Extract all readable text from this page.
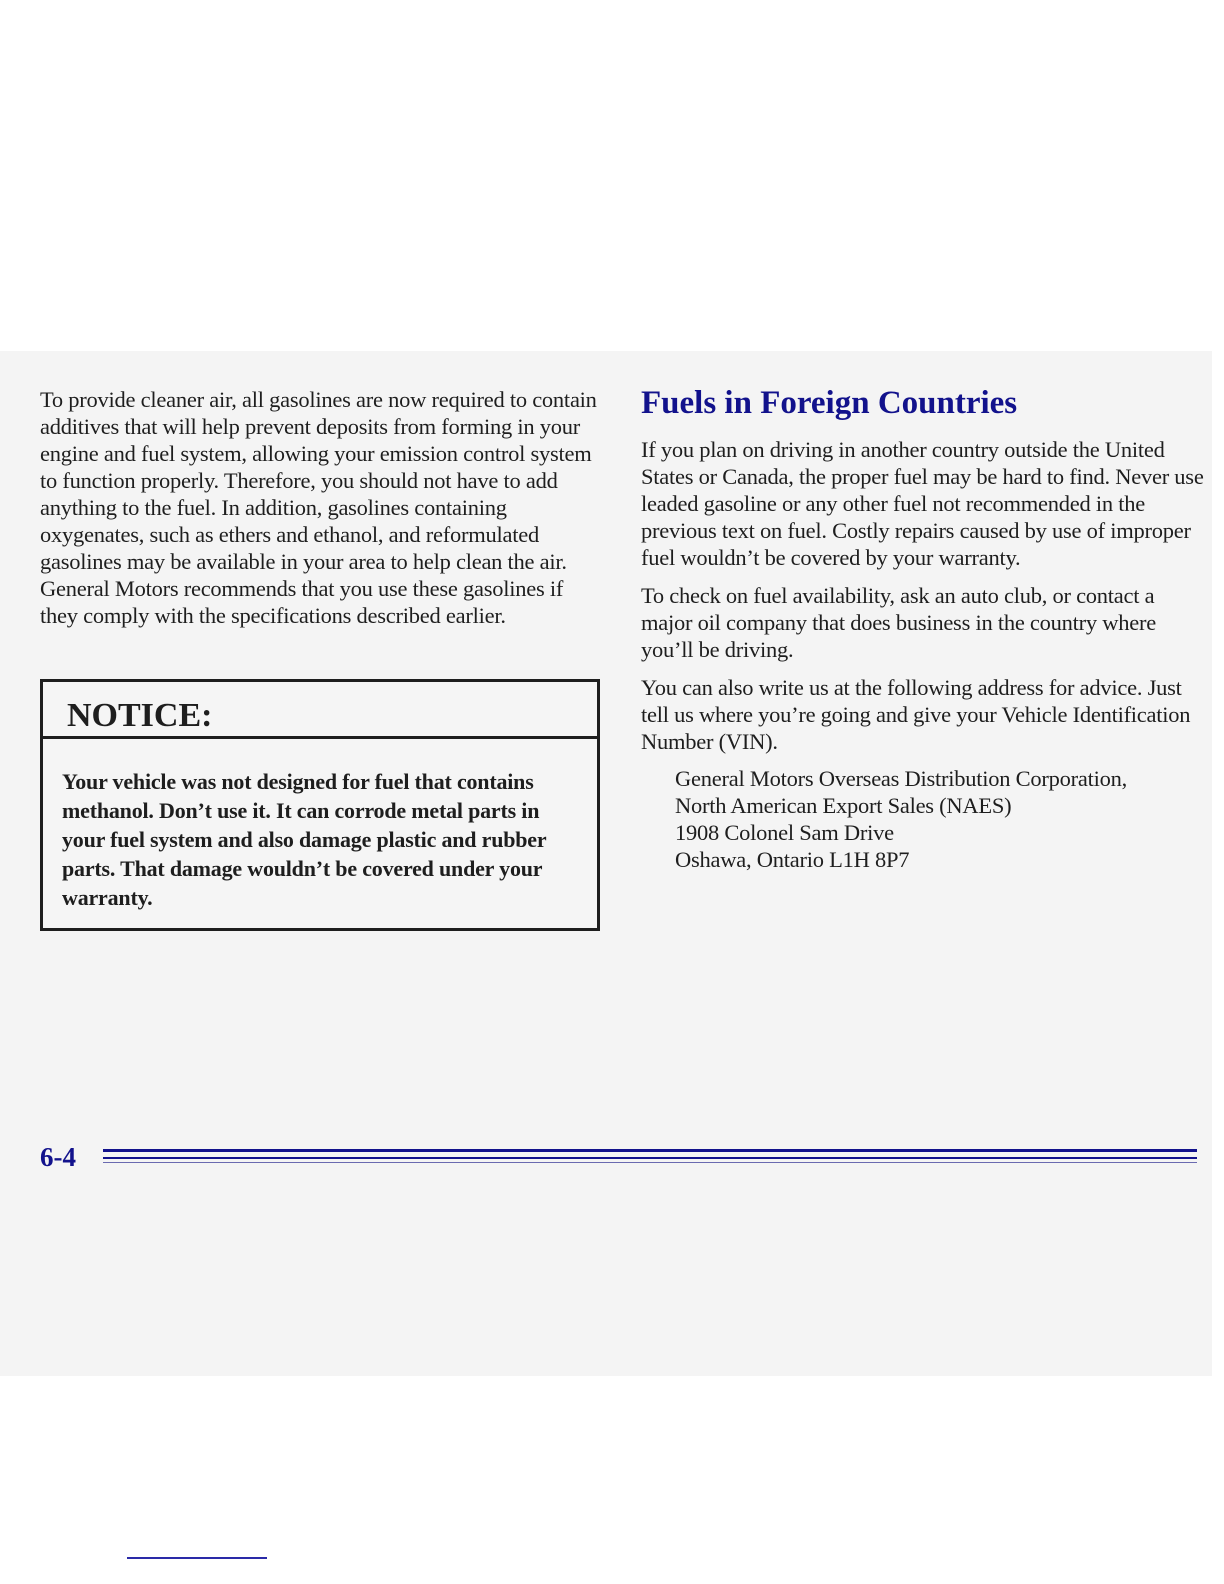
To provide cleaner air, all gasolines are now required to contain additives that will help prevent deposits from forming in your engine and fuel system, allowing your emission control system to function properly. Therefore, you should not have to add anything to the fuel. In addition, gasolines containing oxygenates, such as ethers and ethanol, and reformulated gasolines may be available in your area to help clean the air. General Motors recommends that you use these gasolines if they comply with the specifications described earlier.

NOTICE:

Your vehicle was not designed for fuel that contains methanol. Don’t use it. It can corrode metal parts in your fuel system and also damage plastic and rubber parts. That damage wouldn’t be covered under your warranty.

Fuels in Foreign Countries

If you plan on driving in another country outside the United States or Canada, the proper fuel may be hard to find. Never use leaded gasoline or any other fuel not recommended in the previous text on fuel. Costly repairs caused by use of improper fuel wouldn’t be covered by your warranty.

To check on fuel availability, ask an auto club, or contact a major oil company that does business in the country where you’ll be driving.

You can also write us at the following address for advice. Just tell us where you’re going and give your Vehicle Identification Number (VIN).

General Motors Overseas Distribution Corporation,
North American Export Sales (NAES)
1908 Colonel Sam Drive
Oshawa, Ontario L1H 8P7
6-4
